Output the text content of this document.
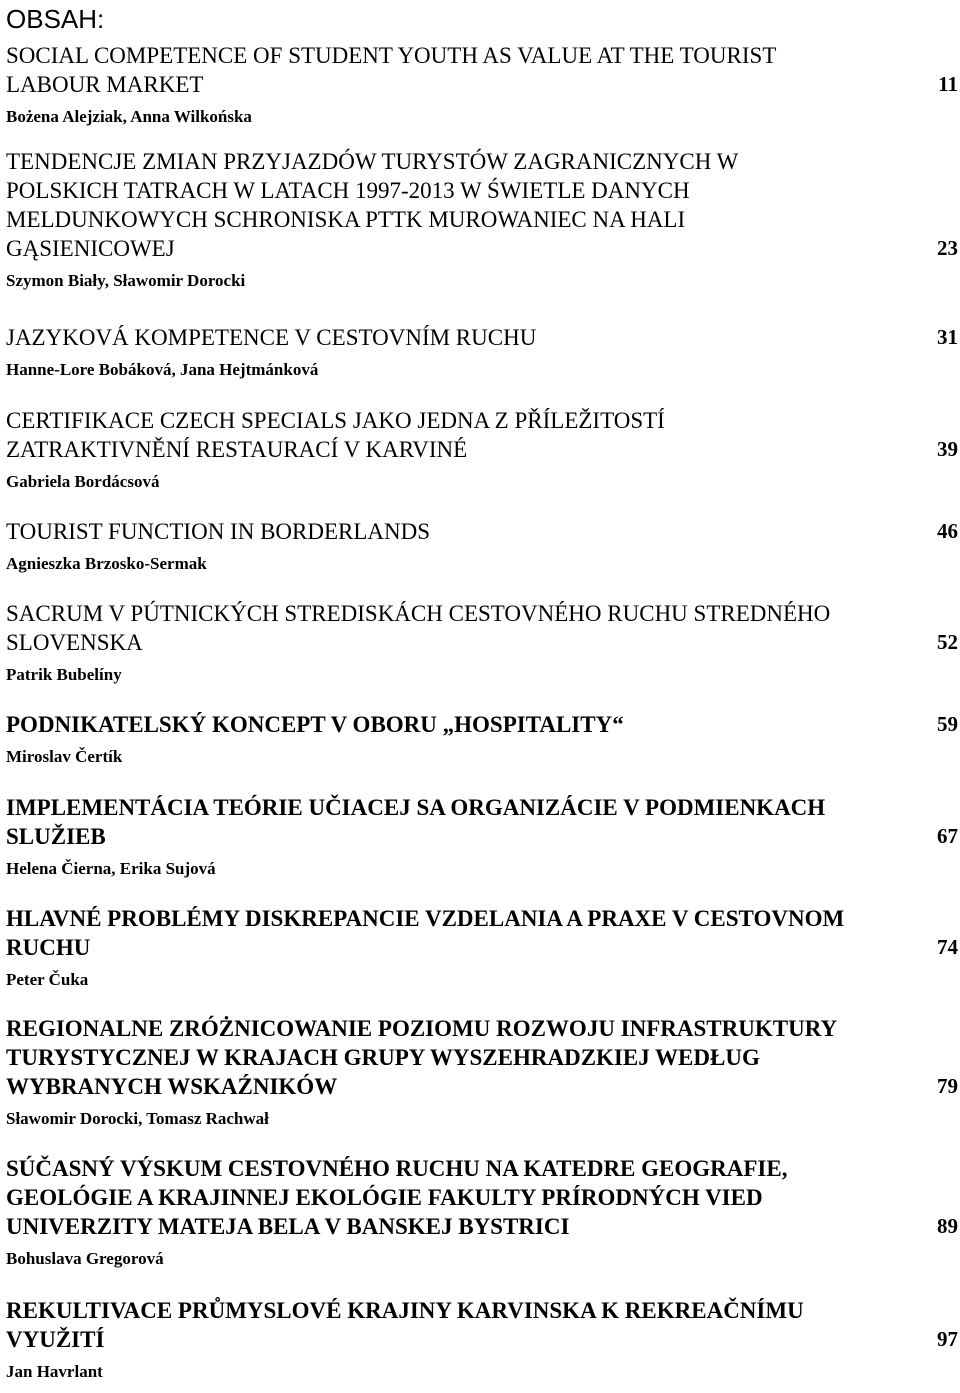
OBSAH:
SOCIAL COMPETENCE OF STUDENT YOUTH AS VALUE AT THE TOURIST
LABOUR MARKET	11
Bożena Alejziak, Anna Wilkońska
TENDENCJE ZMIAN PRZYJAZDÓW TURYSTÓW ZAGRANICZNYCH W
POLSKICH TATRACH W LATACH 1997-2013 W ŚWIETLE DANYCH
MELDUNKOWYCH SCHRONISKA PTTK MUROWANIEC NA HALI
GĄSIENICOWEJ	23
Szymon Biały, Sławomir Dorocki
JAZYKOVÁ KOMPETENCE V CESTOVNÍM RUCHU	31
Hanne-Lore Bobáková, Jana Hejtmánková
CERTIFIKACE CZECH SPECIALS JAKO JEDNA Z PŘÍLEŽITOSTÍ
ZATRAKTIVNĚNÍ RESTAURACÍ V KARVINÉ	39
Gabriela Bordácsová
TOURIST FUNCTION IN BORDERLANDS	46
Agnieszka Brzosko-Sermak
SACRUM V PÚTNICKÝCH STREDISKÁCH CESTOVNÉHO RUCHU STREDNÉHO
SLOVENSKA	52
Patrik Bubelíny
PODNIKATELSKÝ KONCEPT V OBORU „HOSPITALITY“	59
Miroslav Čertík
IMPLEMENTÁCIA TEÓRIE UČIACEJ SA ORGANIZÁCIE V PODMIENKACH
SLUŽIEB	67
Helena Čierna, Erika Sujová
HLAVNÉ PROBLÉMY DISKREPANCIE VZDELANIA A PRAXE V CESTOVNOM
RUCHU	74
Peter Čuka
REGIONALNE ZRÓŻNICOWANIE POZIOMU ROZWOJU INFRASTRUKTURY
TURYSTYCZNEJ W KRAJACH GRUPY WYSZEHRADZKIEJ WEDŁUG
WYBRANYCH WSKAŹNIKÓW	79
Sławomir Dorocki, Tomasz Rachwał
SÚČASNÝ VÝSKUM CESTOVNÉHO RUCHU NA KATEDRE GEOGRAFIE,
GEOLÓGIE A KRAJINNEJ EKOLÓGIE FAKULTY PRÍRODNÝCH VIED
UNIVERZITY MATEJA BELA V BANSKEJ BYSTRICI	89
Bohuslava Gregorová
REKULTIVACE PRŮMYSLOVÉ KRAJINY KARVINSKA K REKREAČNÍMU
VYUŽITÍ	97
Jan Havrlant
